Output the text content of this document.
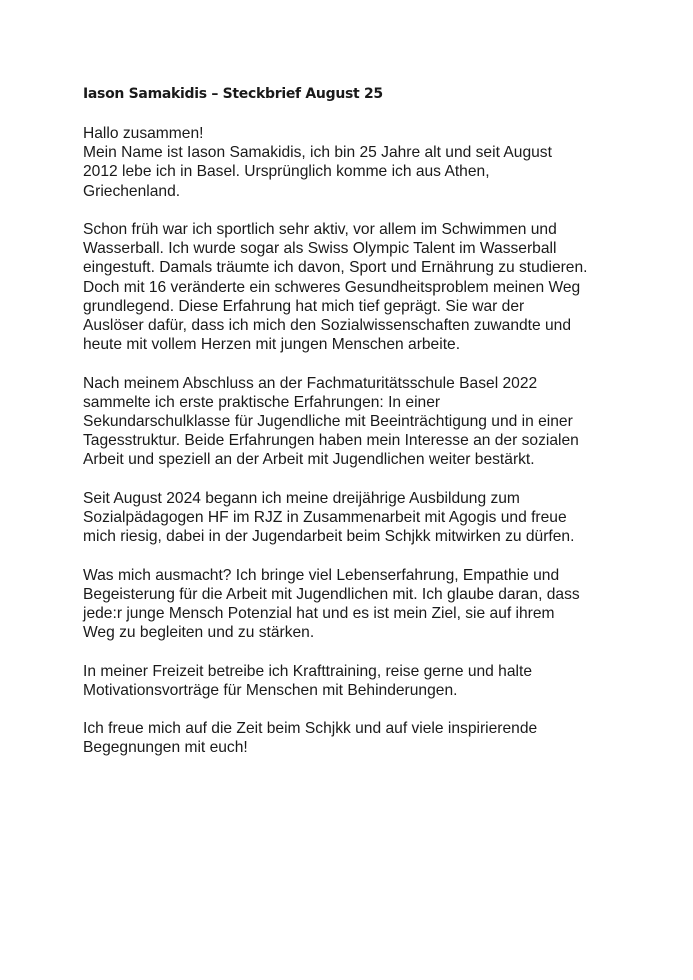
Iason Samakidis – Steckbrief August 25

Hallo zusammen!
Mein Name ist Iason Samakidis, ich bin 25 Jahre alt und seit August
2012 lebe ich in Basel. Ursprünglich komme ich aus Athen,
Griechenland.

Schon früh war ich sportlich sehr aktiv, vor allem im Schwimmen und
Wasserball. Ich wurde sogar als Swiss Olympic Talent im Wasserball
eingestuft. Damals träumte ich davon, Sport und Ernährung zu studieren.
Doch mit 16 veränderte ein schweres Gesundheitsproblem meinen Weg
grundlegend. Diese Erfahrung hat mich tief geprägt. Sie war der
Auslöser dafür, dass ich mich den Sozialwissenschaften zuwandte und
heute mit vollem Herzen mit jungen Menschen arbeite.

Nach meinem Abschluss an der Fachmaturitätsschule Basel 2022
sammelte ich erste praktische Erfahrungen: In einer
Sekundarschulklasse für Jugendliche mit Beeinträchtigung und in einer
Tagesstruktur. Beide Erfahrungen haben mein Interesse an der sozialen
Arbeit und speziell an der Arbeit mit Jugendlichen weiter bestärkt.

Seit August 2024 begann ich meine dreijährige Ausbildung zum
Sozialpädagogen HF im RJZ in Zusammenarbeit mit Agogis und freue
mich riesig, dabei in der Jugendarbeit beim Schjkk mitwirken zu dürfen.

Was mich ausmacht? Ich bringe viel Lebenserfahrung, Empathie und
Begeisterung für die Arbeit mit Jugendlichen mit. Ich glaube daran, dass
jede:r junge Mensch Potenzial hat und es ist mein Ziel, sie auf ihrem
Weg zu begleiten und zu stärken.

In meiner Freizeit betreibe ich Krafttraining, reise gerne und halte
Motivationsvorträge für Menschen mit Behinderungen.

Ich freue mich auf die Zeit beim Schjkk und auf viele inspirierende
Begegnungen mit euch!
